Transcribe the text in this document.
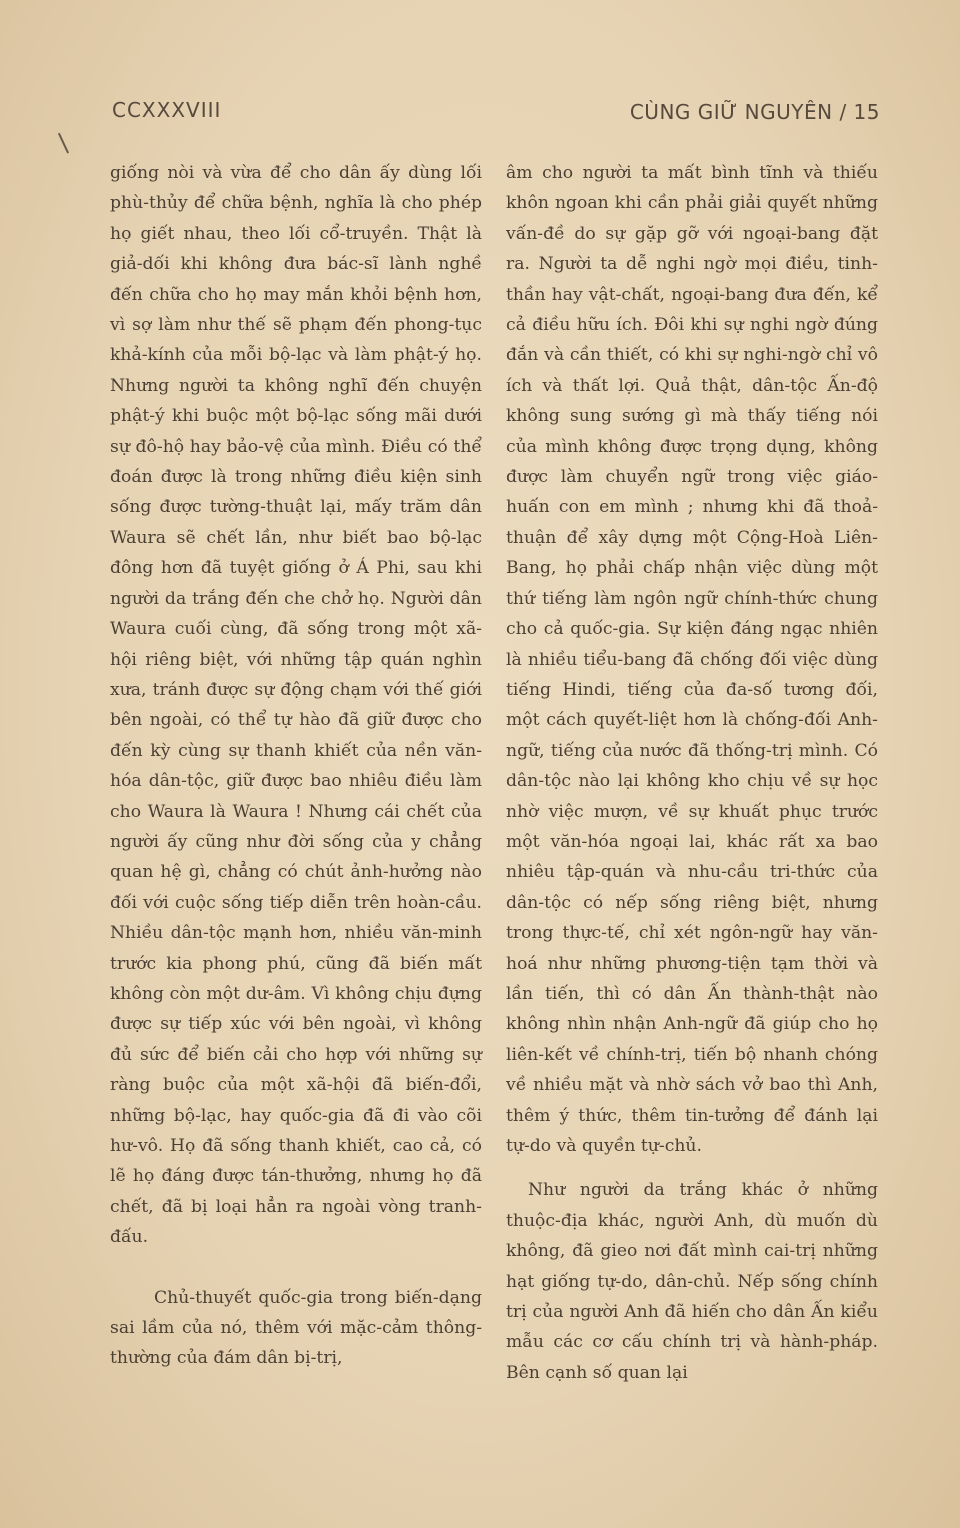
CCXXXVIII	CÙNG GIỮ NGUYÊN / 15

giống nòi và vừa để cho dân ấy dùng lối phù-thủy để chữa bệnh, nghĩa là cho phép họ giết nhau, theo lối cổ-truyền. Thật là giả-dối khi không đưa bác-sĩ lành nghề đến chữa cho họ may mắn khỏi bệnh hơn, vì sợ làm như thế sẽ phạm đến phong-tục khả-kính của mỗi bộ-lạc và làm phật-ý họ. Nhưng người ta không nghĩ đến chuyện phật-ý khi buộc một bộ-lạc sống mãi dưới sự đô-hộ hay bảo-vệ của mình. Điều có thể đoán được là trong những điều kiện sinh sống được tường-thuật lại, mấy trăm dân Waura sẽ chết lần, như biết bao bộ-lạc đông hơn đã tuyệt giống ở Á Phi, sau khi người da trắng đến che chở họ. Người dân Waura cuối cùng, đã sống trong một xã-hội riêng biệt, với những tập quán nghìn xưa, tránh được sự động chạm với thế giới bên ngoài, có thể tự hào đã giữ được cho đến kỳ cùng sự thanh khiết của nền văn-hóa dân-tộc, giữ được bao nhiêu điều làm cho Waura là Waura ! Nhưng cái chết của người ấy cũng như đời sống của y chẳng quan hệ gì, chẳng có chút ảnh-hưởng nào đối với cuộc sống tiếp diễn trên hoàn-cầu. Nhiều dân-tộc mạnh hơn, nhiều văn-minh trước kia phong phú, cũng đã biến mất không còn một dư-âm. Vì không chịu đựng được sự tiếp xúc với bên ngoài, vì không đủ sức để biến cải cho hợp với những sự ràng buộc của một xã-hội đã biến-đổi, những bộ-lạc, hay quốc-gia đã đi vào cõi hư-vô. Họ đã sống thanh khiết, cao cả, có lẽ họ đáng được tán-thưởng, nhưng họ đã chết, đã bị loại hẳn ra ngoài vòng tranh-đấu.

Chủ-thuyết quốc-gia trong biến-dạng sai lầm của nó, thêm với mặc-cảm thông-thường của đám dân bị-trị,

âm cho người ta mất bình tĩnh và thiếu khôn ngoan khi cần phải giải quyết những vấn-đề do sự gặp gỡ với ngoại-bang đặt ra. Người ta dễ nghi ngờ mọi điều, tinh-thần hay vật-chất, ngoại-bang đưa đến, kể cả điều hữu ích. Đôi khi sự nghi ngờ đúng đắn và cần thiết, có khi sự nghi-ngờ chỉ vô ích và thất lợi. Quả thật, dân-tộc Ấn-độ không sung sướng gì mà thấy tiếng nói của mình không được trọng dụng, không được làm chuyển ngữ trong việc giáo-huấn con em mình ; nhưng khi đã thoả-thuận để xây dựng một Cộng-Hoà Liên-Bang, họ phải chấp nhận việc dùng một thứ tiếng làm ngôn ngữ chính-thức chung cho cả quốc-gia. Sự kiện đáng ngạc nhiên là nhiều tiểu-bang đã chống đối việc dùng tiếng Hindi, tiếng của đa-số tương đối, một cách quyết-liệt hơn là chống-đối Anh-ngữ, tiếng của nước đã thống-trị mình. Có dân-tộc nào lại không kho chịu về sự học nhờ việc mượn, về sự khuất phục trước một văn-hóa ngoại lai, khác rất xa bao nhiêu tập-quán và nhu-cầu tri-thức của dân-tộc có nếp sống riêng biệt, nhưng trong thực-tế, chỉ xét ngôn-ngữ hay văn-hoá như những phương-tiện tạm thời và lần tiến, thì có dân Ấn thành-thật nào không nhìn nhận Anh-ngữ đã giúp cho họ liên-kết về chính-trị, tiến bộ nhanh chóng về nhiều mặt và nhờ sách vở bao thì Anh, thêm ý thức, thêm tin-tưởng để đánh lại tự-do và quyền tự-chủ.

Như người da trắng khác ở những thuộc-địa khác, người Anh, dù muốn dù không, đã gieo nơi đất mình cai-trị những hạt giống tự-do, dân-chủ. Nếp sống chính trị của người Anh đã hiến cho dân Ấn kiểu mẫu các cơ cấu chính trị và hành-pháp. Bên cạnh số quan lại
